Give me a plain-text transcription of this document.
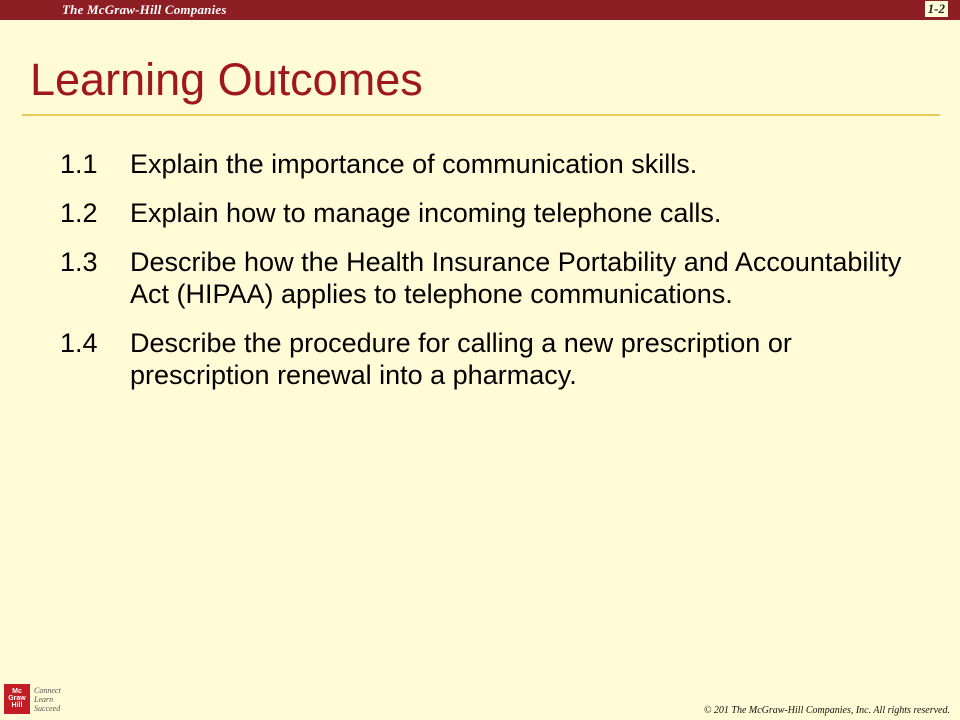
The McGraw-Hill Companies	1-2
Learning Outcomes
1.1	Explain the importance of communication skills.
1.2	Explain how to manage incoming telephone calls.
1.3	Describe how the Health Insurance Portability and Accountability Act (HIPAA) applies to telephone communications.
1.4	Describe the procedure for calling a new prescription or prescription renewal into a pharmacy.
Mc
Graw
Hill
Connect
Learn
Succeed	© 201 The McGraw-Hill Companies, Inc. All rights reserved.
